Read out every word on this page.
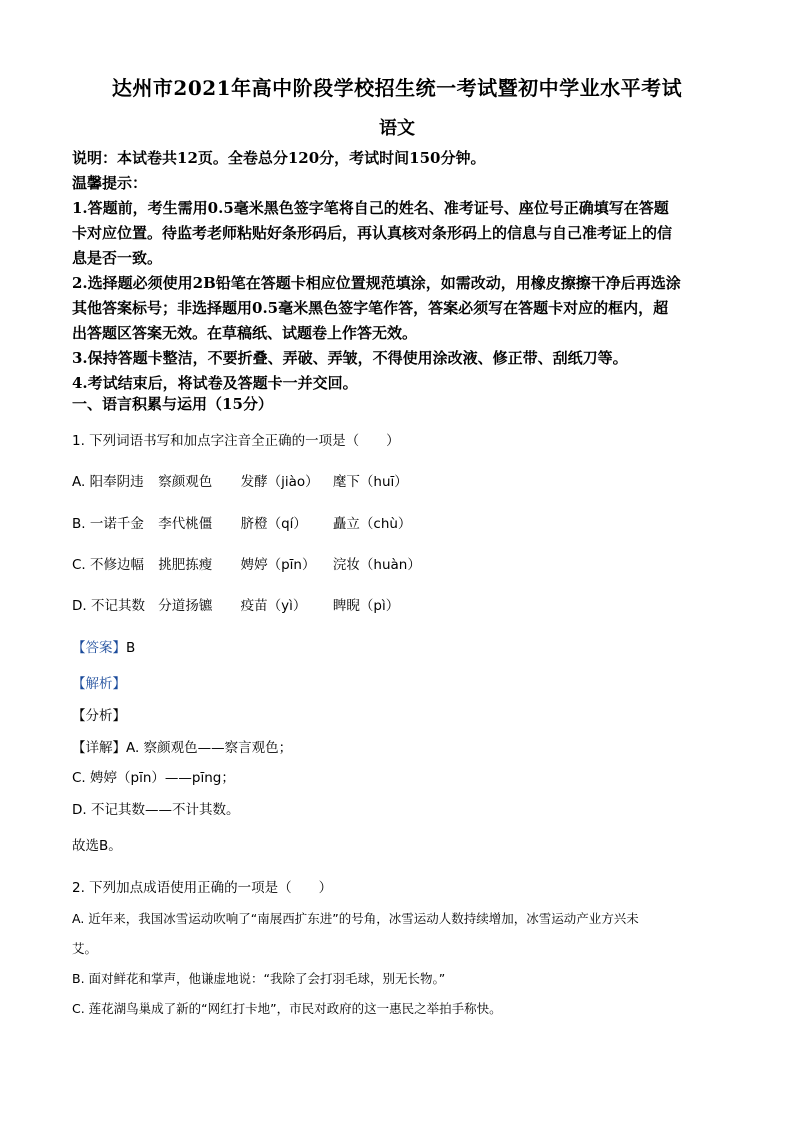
达州市2021年高中阶段学校招生统一考试暨初中学业水平考试
语文

说明：本试卷共12页。全卷总分120分，考试时间150分钟。

温馨提示：

1.答题前，考生需用0.5毫米黑色签字笔将自己的姓名、准考证号、座位号正确填写在答题

卡对应位置。待监考老师粘贴好条形码后，再认真核对条形码上的信息与自己准考证上的信

息是否一致。

2.选择题必须使用2B铅笔在答题卡相应位置规范填涂，如需改动，用橡皮擦擦干净后再选涂

其他答案标号；非选择题用0.5毫米黑色签字笔作答，答案必须写在答题卡对应的框内，超

出答题区答案无效。在草稿纸、试题卷上作答无效。

3.保持答题卡整洁，不要折叠、弄破、弄皱，不得使用涂改液、修正带、刮纸刀等。

4.考试结束后，将试卷及答题卡一并交回。

一、语言积累与运用（15分）
1. 下列词语书写和加点字注音全正确的一项是（　　）
A. 阳奉阴违 察颜观色 发酵（jiào） 麾下（huī）
B. 一诺千金 李代桃僵 脐橙（qí） 矗立（chù）
C. 不修边幅 挑肥拣瘦 娉婷（pīn） 浣妆（huàn）
D. 不记其数 分道扬镳 疫苗（yì） 睥睨（pì）
【答案】B
【解析】
【分析】
【详解】A. 察颜观色——察言观色；
C. 娉婷（pīn）——pīng；
D. 不记其数——不计其数。
故选B。
2. 下列加点成语使用正确的一项是（　　）
A. 近年来，我国冰雪运动吹响了“南展西扩东进”的号角，冰雪运动人数持续增加，冰雪运动产业方兴未
艾。
B. 面对鲜花和掌声，他谦虚地说：“我除了会打羽毛球，别无长物。”
C. 莲花湖鸟巢成了新的“网红打卡地”，市民对政府的这一惠民之举拍手称快。
